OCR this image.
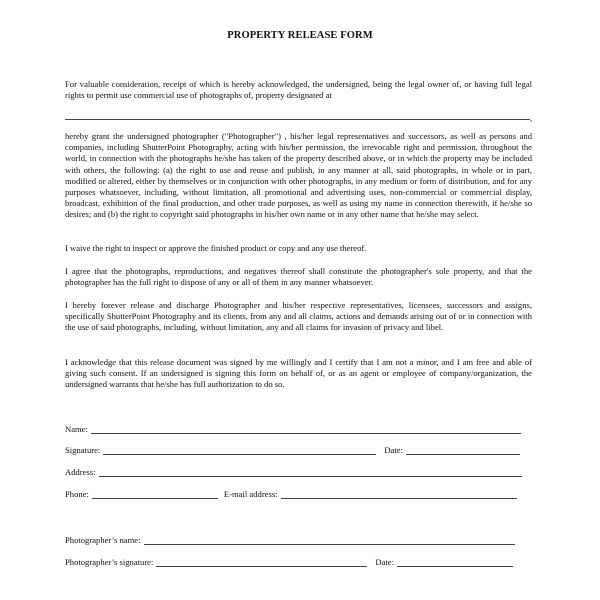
PROPERTY RELEASE FORM

For valuable consideration, receipt of which is hereby acknowledged, the undersigned, being the legal owner of, or having full legal rights to permit use commercial use of photographs of, property designated at

,

hereby grant the undersigned photographer ("Photographer") , his/her legal representatives and successors, as well as persons and companies, including ShutterPoint Photography, acting with his/her permission, the irrevocable right and permission, throughout the world, in connection with the photographs he/she has taken of the property described above, or in which the property may be included with others, the following: (a) the right to use and reuse and publish, in any manner at all, said photographs, in whole or in part, modified or altered, either by themselves or in conjunction with other photographs, in any medium or form of distribution, and for any purposes whatsoever, including, without limitation, all promotional and advertising uses, non-commercial or commercial display, broadcast, exhibition of the final production, and other trade purposes, as well as using my name in connection therewith, if he/she so desires; and (b) the right to copyright said photographs in his/her own name or in any other name that he/she may select.

I waive the right to inspect or approve the finished product or copy and any use thereof.

I agree that the photographs, reproductions, and negatives thereof shall constitute the photographer's sole property, and that the photographer has the full right to dispose of any or all of them in any manner whatsoever.

I hereby forever release and discharge Photographer and his/her respective representatives, licensees, successors and assigns, specifically ShutterPoint Photography and its clients, from any and all claims, actions and demands arising out of or in connection with the use of said photographs, including, without limitation, any and all claims for invasion of privacy and libel.

I acknowledge that this release document was signed by me willingly and I certify that I am not a minor, and I am free and able of giving such consent. If an undersigned is signing this form on behalf of, or as an agent or employee of company/organization, the undersigned warrants that he/she has full authorization to do so.

Name:
Signature:	Date:
Address:
Phone:	E-mail address:
Photographer’s name:
Photographer’s signature:	Date:
